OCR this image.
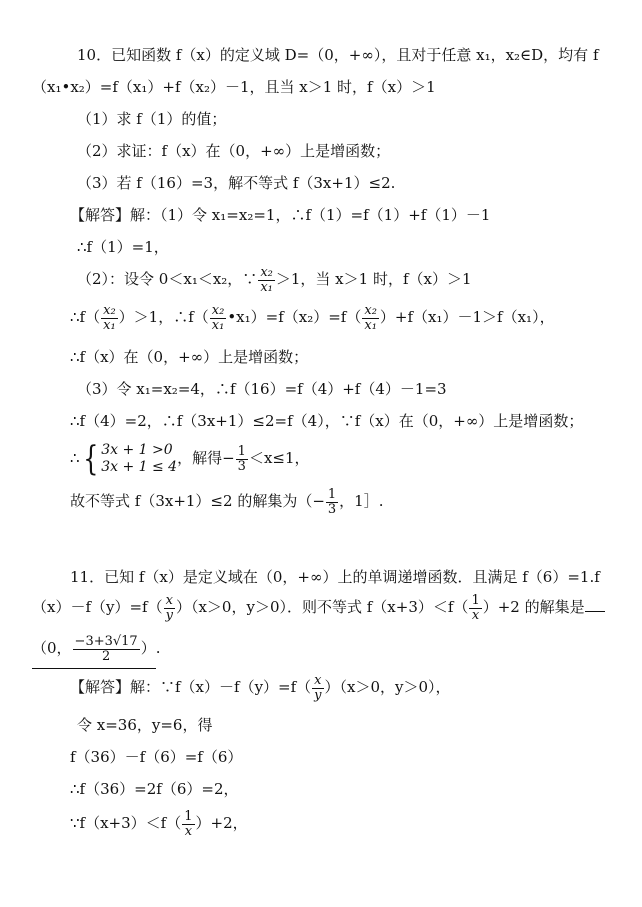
10．已知函数 f（x）的定义域 D=（0，+∞），且对于任意 x₁，x₂∈D，均有 f
（x₁•x₂）=f（x₁）+f（x₂）－1，且当 x＞1 时，f（x）＞1
（1）求 f（1）的值；
（2）求证：f（x）在（0，+∞）上是增函数；
（3）若 f（16）=3，解不等式 f（3x+1）≤2.
【解答】解：（1）令 x₁=x₂=1，∴f（1）=f（1）+f（1）－1
∴f（1）=1，
（2）：设令 0＜x₁＜x₂，∵ $\frac{\text{x₂}}{\text{x₁}} >1$，当 x＞1 时，f（x）＞1
∴f（ $\frac{\text{x₂}}{\text{x₁}} )>1$，∴f（ $\frac{\text{x₂}}{\text{x₁}}$ •x₁）=f（x₂）=f（ $\frac{\text{x₂}}{\text{x₁}} )+f(x_1)-1>f(x_1)$，
∴f（x）在（0，+∞）上是增函数；
（3）令 x₁=x₂=4，∴f（16）=f（4）+f（4）－1=3
∴f（4）=2，∴f（3x+1）≤2=f（4），∵f（x）在（0，+∞）上是增函数；
∴ { 3x + 1 >0
3x + 1 ≤ 4 ，解得− $\frac{1}{3} <x\le 1$，
故不等式 f（3x+1）≤2 的解集为（− $\frac{1}{3}$ ，1］.
11．已知 f（x）是定义域在（0，+∞）上的单调递增函数．且满足 f（6）=1.f
$(x)-f(y)=f( \frac{x}{y} )(x>0$，y＞0）．则不等式 $f(x+3)<f( \frac{1}{x} )+2$ 的解集是
（0， $\frac{-3+3√17}{2}$ ）.
【解答】解：∵f（x）－f（y）=f（ $\frac{x}{y} )(x>0$，y＞0），
令 x=36，y=6，得
f（36）－f（6）=f（6）
∴f（36）=2f（6）=2，
∵f（x+3）＜f（ $\frac{1}{x} )+2$，
